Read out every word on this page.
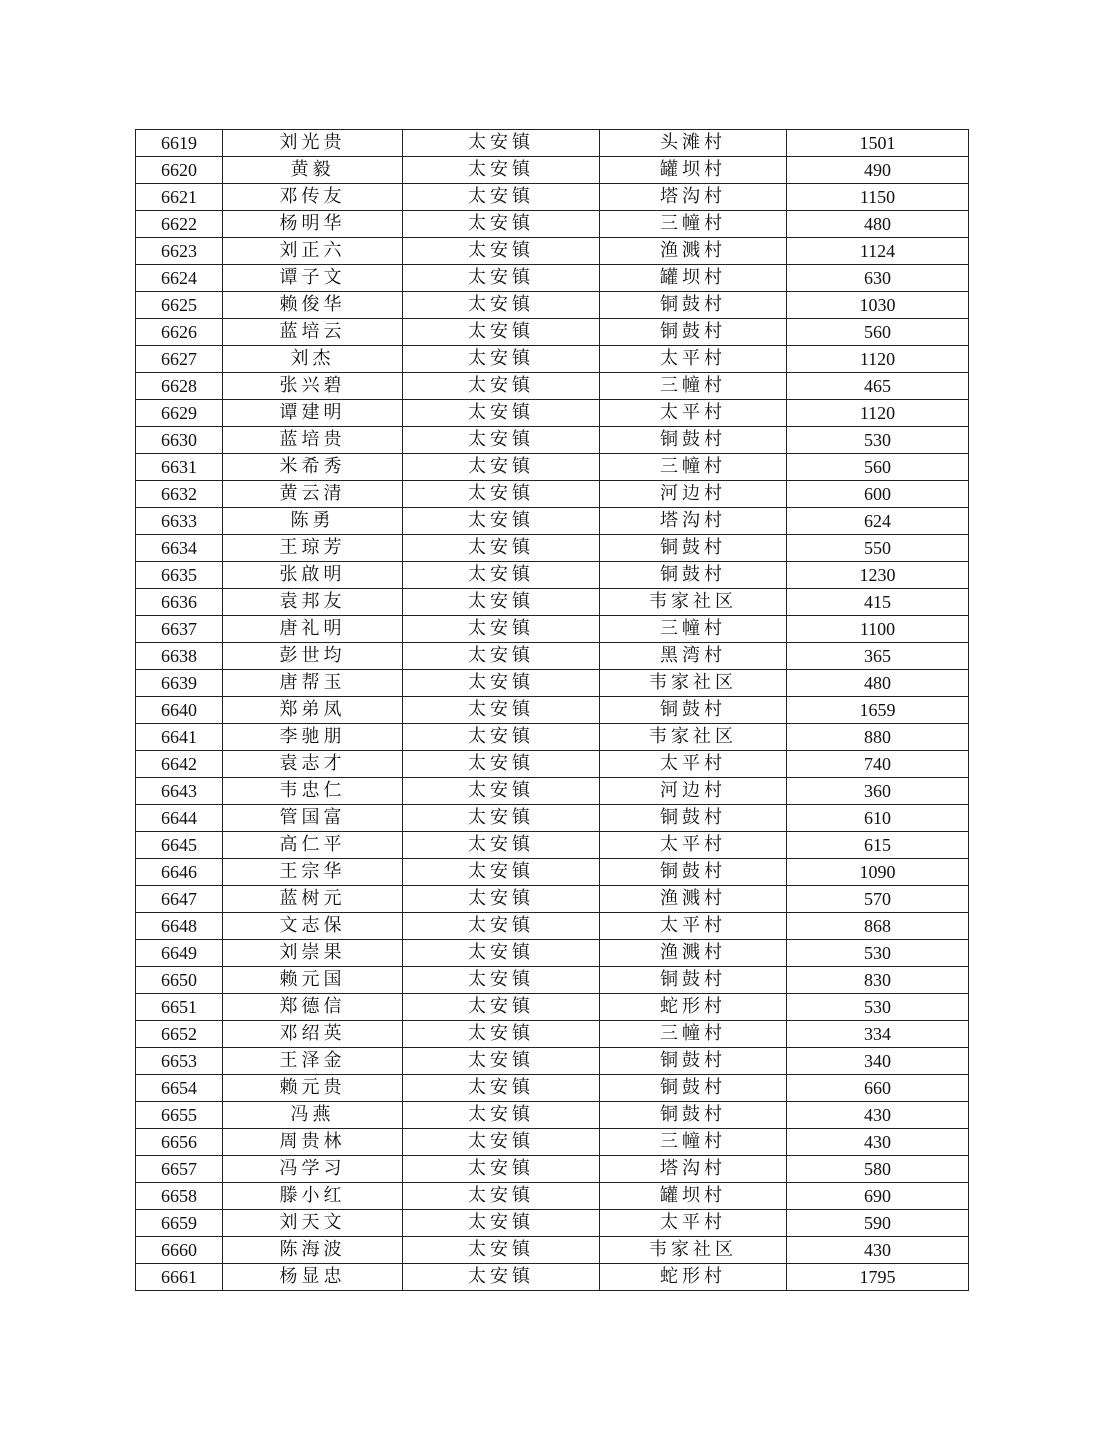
6619	刘光贵	太安镇	头滩村	1501
6620	黄毅	太安镇	罐坝村	490
6621	邓传友	太安镇	塔沟村	1150
6622	杨明华	太安镇	三幢村	480
6623	刘正六	太安镇	渔溅村	1124
6624	谭子文	太安镇	罐坝村	630
6625	赖俊华	太安镇	铜鼓村	1030
6626	蓝培云	太安镇	铜鼓村	560
6627	刘杰	太安镇	太平村	1120
6628	张兴碧	太安镇	三幢村	465
6629	谭建明	太安镇	太平村	1120
6630	蓝培贵	太安镇	铜鼓村	530
6631	米希秀	太安镇	三幢村	560
6632	黄云清	太安镇	河边村	600
6633	陈勇	太安镇	塔沟村	624
6634	王琼芳	太安镇	铜鼓村	550
6635	张啟明	太安镇	铜鼓村	1230
6636	袁邦友	太安镇	韦家社区	415
6637	唐礼明	太安镇	三幢村	1100
6638	彭世均	太安镇	黑湾村	365
6639	唐帮玉	太安镇	韦家社区	480
6640	郑弟凤	太安镇	铜鼓村	1659
6641	李驰朋	太安镇	韦家社区	880
6642	袁志才	太安镇	太平村	740
6643	韦忠仁	太安镇	河边村	360
6644	管国富	太安镇	铜鼓村	610
6645	高仁平	太安镇	太平村	615
6646	王宗华	太安镇	铜鼓村	1090
6647	蓝树元	太安镇	渔溅村	570
6648	文志保	太安镇	太平村	868
6649	刘崇果	太安镇	渔溅村	530
6650	赖元国	太安镇	铜鼓村	830
6651	郑德信	太安镇	蛇形村	530
6652	邓绍英	太安镇	三幢村	334
6653	王泽金	太安镇	铜鼓村	340
6654	赖元贵	太安镇	铜鼓村	660
6655	冯燕	太安镇	铜鼓村	430
6656	周贵林	太安镇	三幢村	430
6657	冯学习	太安镇	塔沟村	580
6658	滕小红	太安镇	罐坝村	690
6659	刘天文	太安镇	太平村	590
6660	陈海波	太安镇	韦家社区	430
6661	杨显忠	太安镇	蛇形村	1795
